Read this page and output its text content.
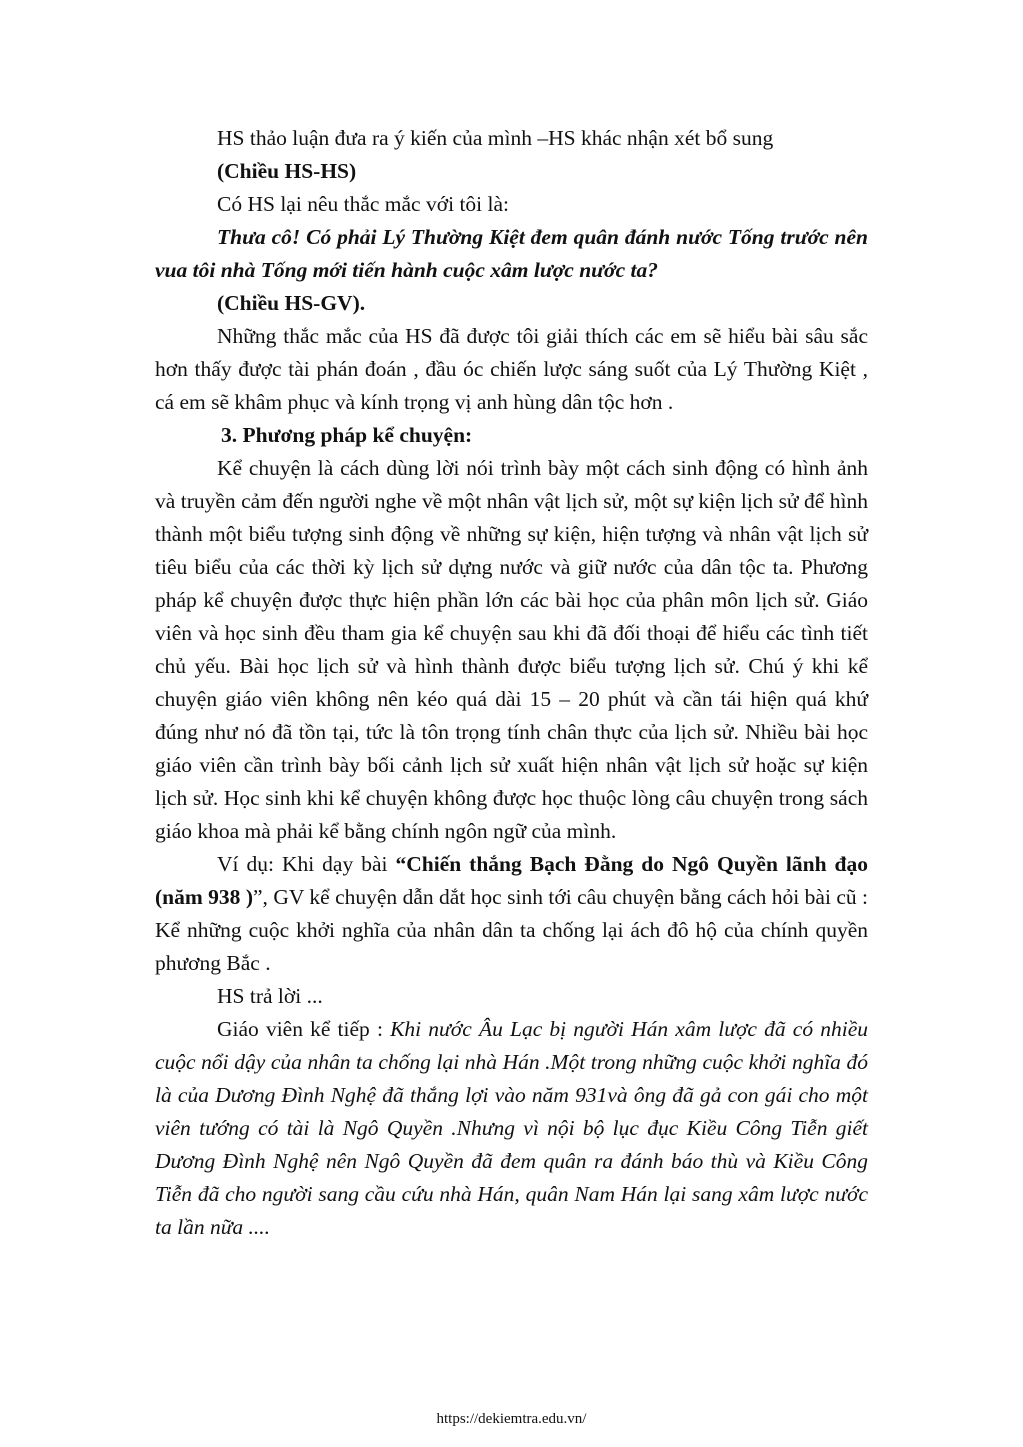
HS thảo luận đưa ra ý kiến của mình –HS khác nhận xét bổ sung

(Chiều HS-HS)

Có HS lại nêu thắc mắc với tôi là:

Thưa cô! Có phải Lý Thường Kiệt đem quân đánh nước Tống trước nên vua tôi nhà Tống mới tiến hành cuộc xâm lược nước ta?

(Chiều HS-GV).

Những thắc mắc của HS đã được tôi giải thích các em sẽ hiểu bài sâu sắc hơn thấy được tài phán đoán , đầu óc chiến lược sáng suốt của Lý Thường Kiệt , cá em sẽ khâm phục và kính trọng vị anh hùng dân tộc hơn .

3. Phương pháp kể chuyện:

Kể chuyện là cách dùng lời nói trình bày một cách sinh động có hình ảnh và truyền cảm đến người nghe về một nhân vật lịch sử, một sự kiện lịch sử để hình thành một biểu tượng sinh động về những sự kiện, hiện tượng và nhân vật lịch sử tiêu biểu của các thời kỳ lịch sử dựng nước và giữ nước của dân tộc ta. Phương pháp kể chuyện được thực hiện phần lớn các bài học của phân môn lịch sử. Giáo viên và học sinh đều tham gia kể chuyện sau khi đã đối thoại để hiểu các tình tiết chủ yếu. Bài học lịch sử và hình thành được biểu tượng lịch sử. Chú ý khi kể chuyện giáo viên không nên kéo quá dài 15 – 20 phút và cần tái hiện quá khứ đúng như nó đã tồn tại, tức là tôn trọng tính chân thực của lịch sử. Nhiều bài học giáo viên cần trình bày bối cảnh lịch sử xuất hiện nhân vật lịch sử hoặc sự kiện lịch sử. Học sinh khi kể chuyện không được học thuộc lòng câu chuyện trong sách giáo khoa mà phải kể bằng chính ngôn ngữ của mình.

Ví dụ: Khi dạy bài “Chiến thắng Bạch Đằng do Ngô Quyền lãnh đạo (năm 938 )”, GV kể chuyện dẫn dắt học sinh tới câu chuyện bằng cách hỏi bài cũ : Kể những cuộc khởi nghĩa của nhân dân ta chống lại ách đô hộ của chính quyền phương Bắc .

HS trả lời ...

Giáo viên kể tiếp : Khi nước Âu Lạc bị người Hán xâm lược đã có nhiều cuộc nổi dậy của nhân ta chống lại nhà Hán .Một trong những cuộc khởi nghĩa đó là của Dương Đình Nghệ đã thắng lợi vào năm 931và ông đã gả con gái cho một viên tướng có tài là Ngô Quyền .Nhưng vì nội bộ lục đục Kiều Công Tiễn giết Dương Đình Nghệ nên Ngô Quyền đã đem quân ra đánh báo thù và Kiều Công Tiễn đã cho người sang cầu cứu nhà Hán, quân Nam Hán lại sang xâm lược nước ta lần nữa ....

https://dekiemtra.edu.vn/
